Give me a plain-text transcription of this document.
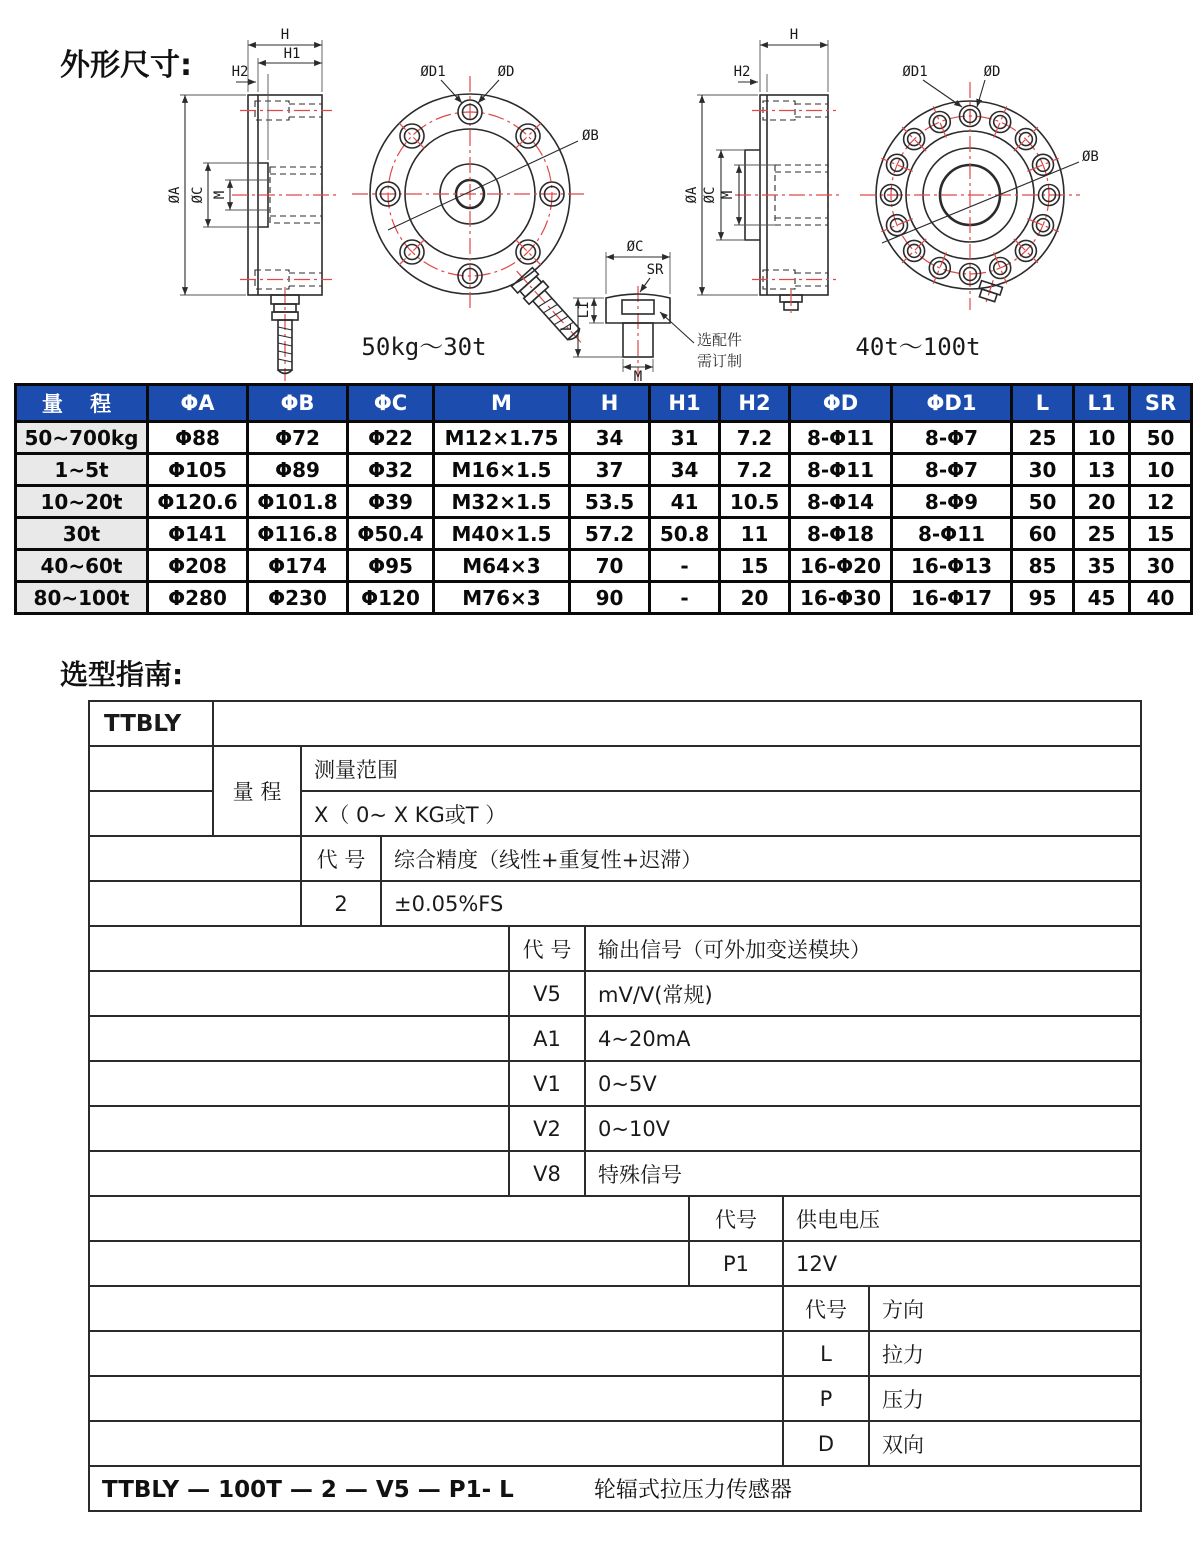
外形尺寸:
H
H1
H2
ØA ØC M
ØD1	ØD
ØB
50kg～30t
ØC
SR
L1
L
M
选配件
需订制
H
H2
ØA ØC M
ØD1	ØD
ØB
40t～100t
量 程	ΦA	ΦB	ΦC	M	H	H1	H2	ΦD	ΦD1	L	L1	SR
50~700kg	Φ88	Φ72	Φ22	M12×1.75	34	31	7.2	8-Φ11	8-Φ7	25	10	50
1~5t	Φ105	Φ89	Φ32	M16×1.5	37	34	7.2	8-Φ11	8-Φ7	30	13	10
10~20t	Φ120.6	Φ101.8	Φ39	M32×1.5	53.5	41	10.5	8-Φ14	8-Φ9	50	20	12
30t	Φ141	Φ116.8	Φ50.4	M40×1.5	57.2	50.8	11	8-Φ18	8-Φ11	60	25	15
40~60t	Φ208	Φ174	Φ95	M64×3	70	-	15	16-Φ20	16-Φ13	85	35	30
80~100t	Φ280	Φ230	Φ120	M76×3	90	-	20	16-Φ30	16-Φ17	95	45	40
选型指南:
TTBLY								
	量 程	测量范围						
		X（ 0~ X KG或T ）						
		代 号	综合精度（线性+重复性+迟滞）					
		2	±0.05%FS					
				代 号	输出信号（可外加变送模块）			
				V5	mV/V(常规)			
				A1	4~20mA			
				V1	0~5V			
				V2	0~10V			
				V8	特殊信号			
						代号	供电电压	
						P1	12V	
							代号	方向
							L	拉力
							P	压力
							D	双向
TTBLY — 100T — 2 — V5 — P1- L 轮辐式拉压力传感器								
